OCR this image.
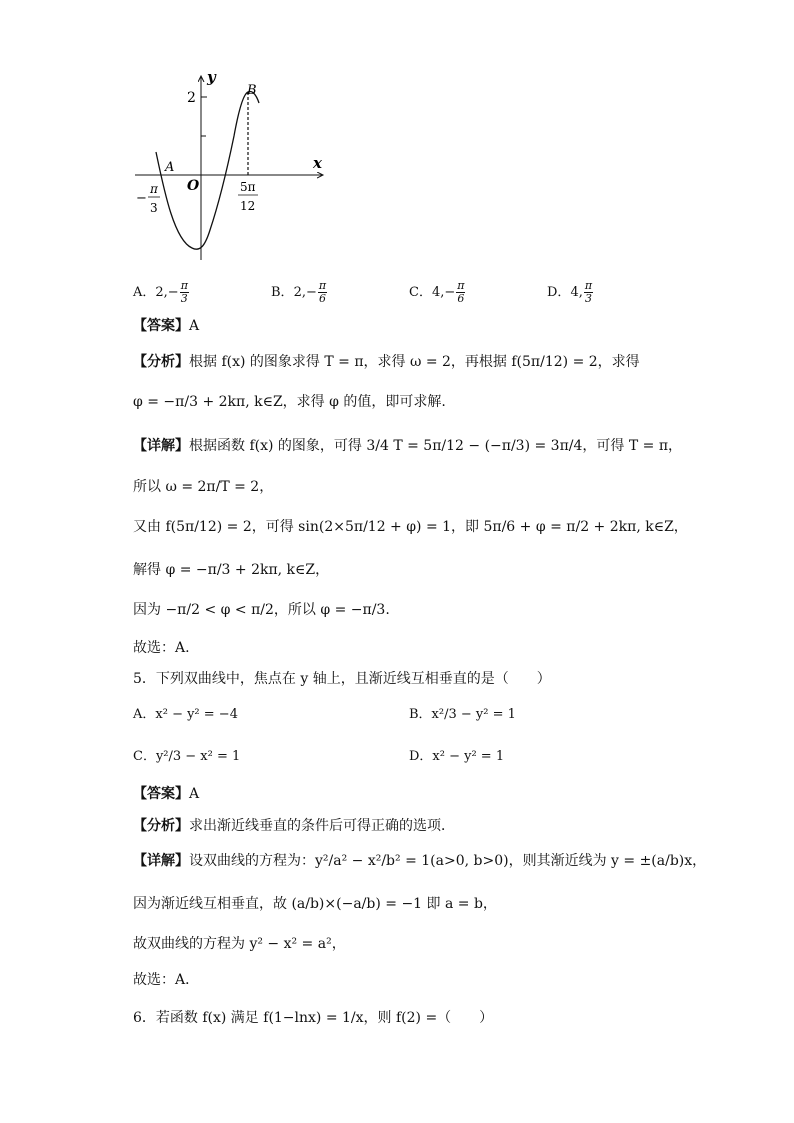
y
x
O
A
B
2
−
π
3
5π
12
A．$2,- \frac{\pi}{3}$	B．$2,- \frac{\pi}{6}$	C．$4,- \frac{\pi}{6}$	D．4, $\frac{\pi}{3}$
【答案】A
【分析】根据 f(x) 的图象求得 T = π，求得 ω = 2，再根据 f(5π/12) = 2，求得
φ = −π/3 + 2kπ, k∈Z，求得 φ 的值，即可求解.
【详解】根据函数 f(x) 的图象，可得 3/4 T = 5π/12 − (−π/3) = 3π/4，可得 T = π，
所以 ω = 2π/T = 2，
又由 f(5π/12) = 2，可得 sin(2×5π/12 + φ) = 1，即 5π/6 + φ = π/2 + 2kπ, k∈Z，
解得 φ = −π/3 + 2kπ, k∈Z，
因为 −π/2 < φ < π/2，所以 φ = −π/3.
故选：A.
5．下列双曲线中，焦点在 y 轴上，且渐近线互相垂直的是（　　）
A．x² − y² = −4	B．x²/3 − y² = 1
C．y²/3 − x² = 1	D．x² − y² = 1
【答案】A
【分析】求出渐近线垂直的条件后可得正确的选项．
【详解】设双曲线的方程为：y²/a² − x²/b² = 1(a>0, b>0)，则其渐近线为 y = ±(a/b)x，
因为渐近线互相垂直，故 (a/b)×(−a/b) = −1 即 a = b，
故双曲线的方程为 y² − x² = a²，
故选：A．
6．若函数 f(x) 满足 f(1−lnx) = 1/x，则 f(2) =（　　）
